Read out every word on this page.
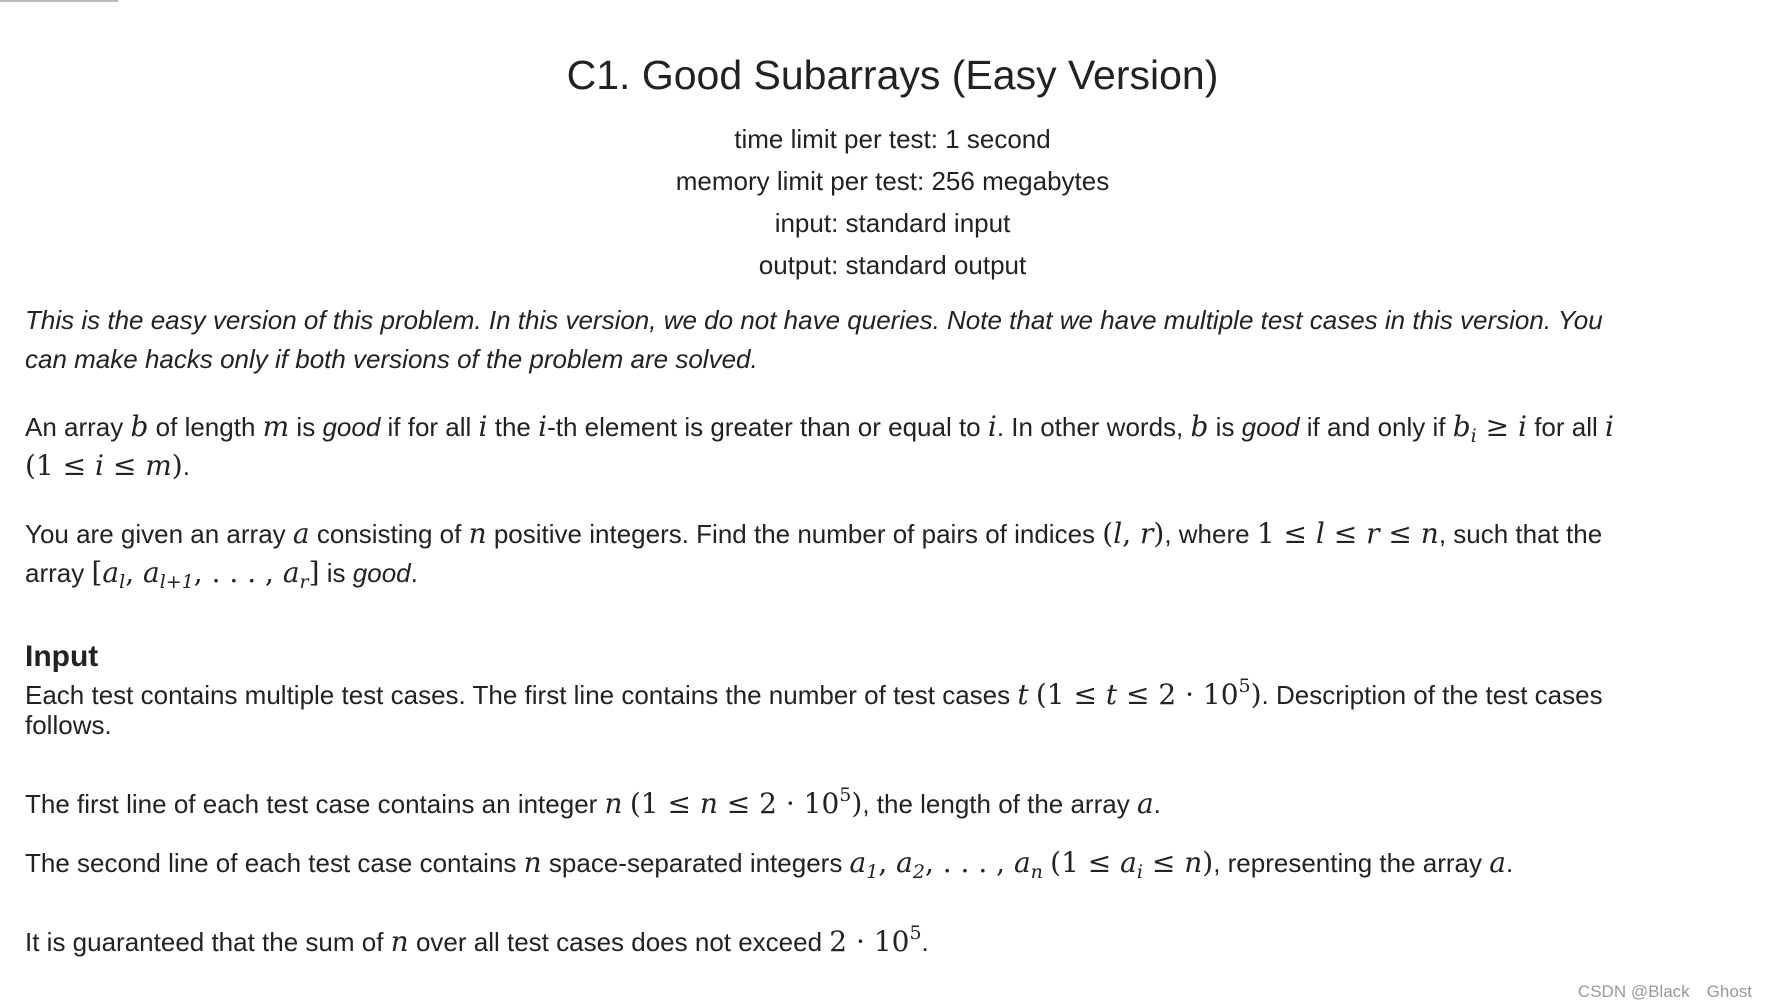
C1. Good Subarrays (Easy Version)
time limit per test: 1 second
memory limit per test: 256 megabytes
input: standard input
output: standard output
Input
This is the easy version of this problem. In this version, we do not have queries. Note that we have multiple test cases in this version. You
can make hacks only if both versions of the problem are solved.
An array b of length m is good if for all i the i-th element is greater than or equal to i. In other words, b is good if and only if $b_i \ge i$ for all i
(1 ≤ i ≤ m).
You are given an array a consisting of n positive integers. Find the number of pairs of indices (l, r), where 1 ≤ l ≤ r ≤ n, such that the
array [$a_l$, $a_{l+1}$, . . . , $a_r$] is good.
Each test contains multiple test cases. The first line contains the number of test cases t $(1 \le t \le 2 \cdot 10^5)$. Description of the test cases
follows.
The first line of each test case contains an integer n $(1 \le n \le 2 \cdot 10^5)$, the length of the array a.
The second line of each test case contains n space-separated integers $a_1$, $a_2$, . . . , $a_n$ $(1 \le a_i \le n)$, representing the array a.
It is guaranteed that the sum of n over all test cases does not exceed $2 \cdot 10^5$.
CSDN @Black　Ghost
